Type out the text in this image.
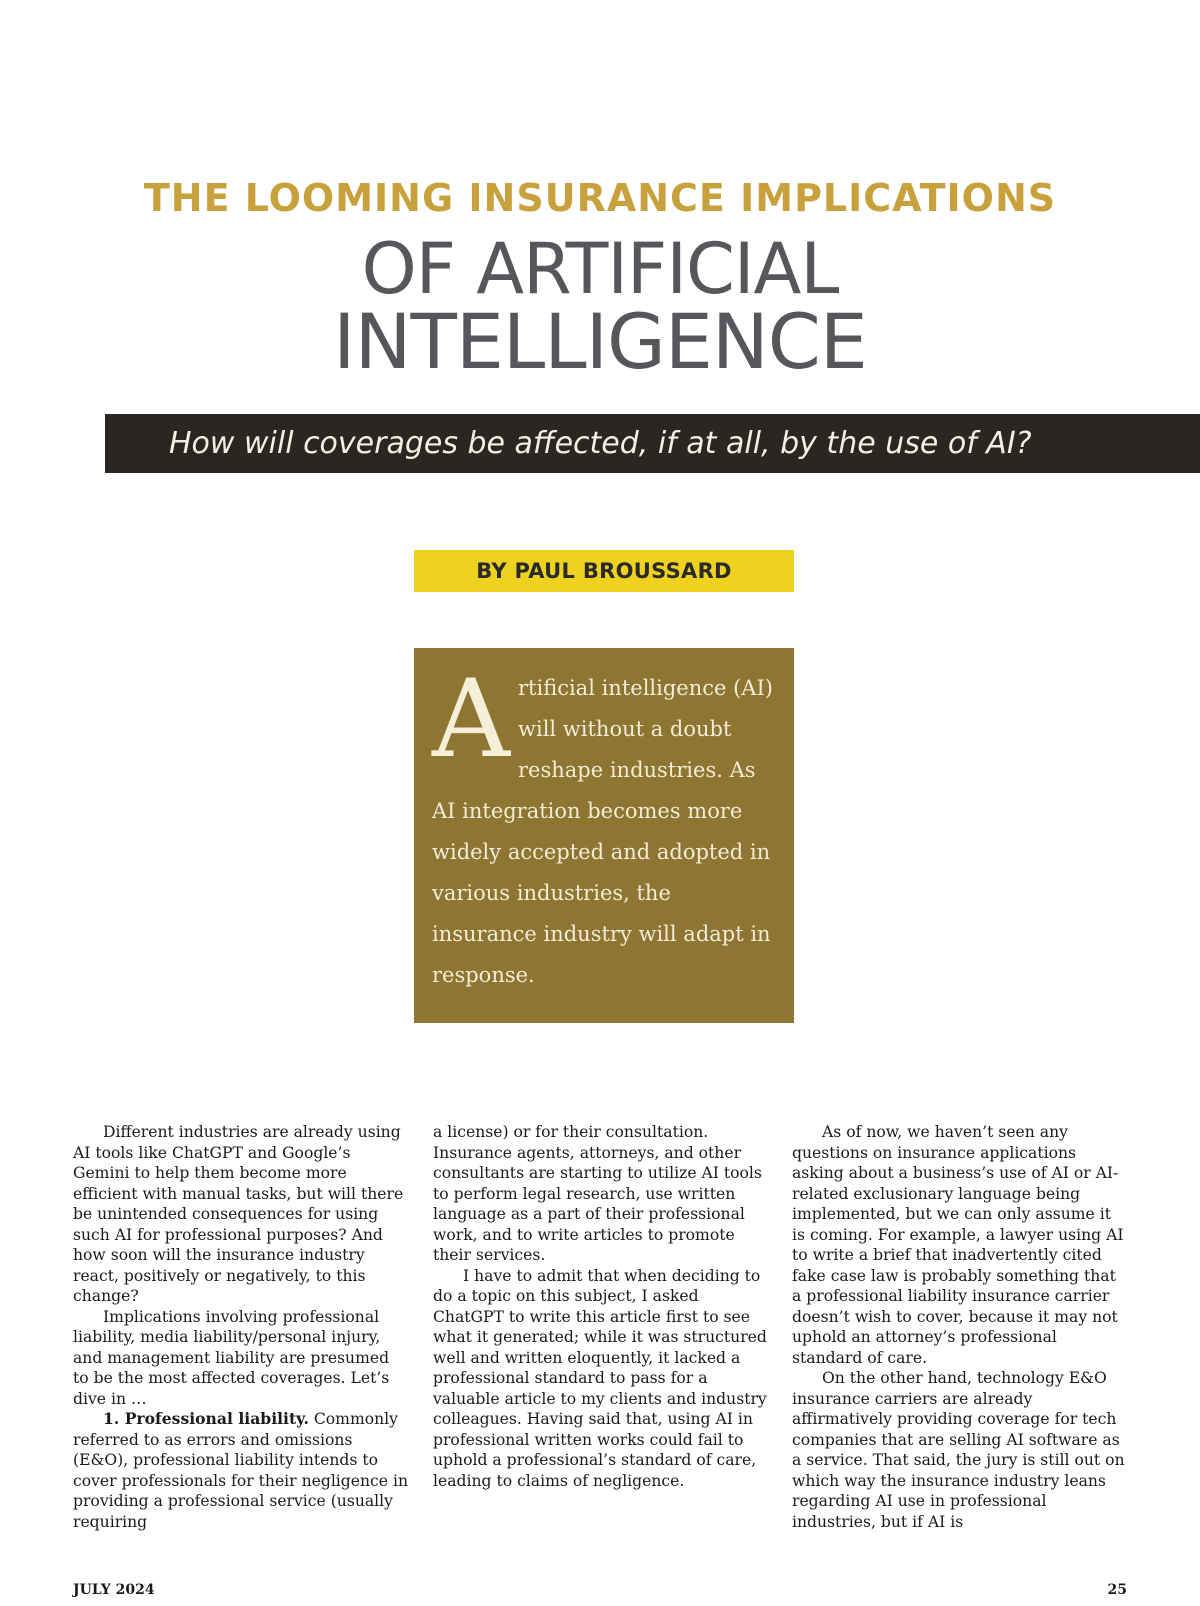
THE LOOMING INSURANCE IMPLICATIONS
OF ARTIFICIAL
INTELLIGENCE
How will coverages be affected, if at all, by the use of AI?
BY PAUL BROUSSARD
A rtificial intelligence (AI) will without a doubt reshape industries. As AI integration becomes more widely accepted and adopted in various industries, the insurance industry will adapt in response.

Different industries are already using AI tools like ChatGPT and Google’s Gemini to help them become more efficient with manual tasks, but will there be unintended consequences for using such AI for professional purposes? And how soon will the insurance industry react, positively or negatively, to this change?

Implications involving professional liability, media liability/personal injury, and management liability are presumed to be the most affected coverages. Let’s dive in …

1. Professional liability. Commonly referred to as errors and omissions (E&O), professional liability intends to cover professionals for their negligence in providing a professional service (usually requiring

a license) or for their consultation. Insurance agents, attorneys, and other consultants are starting to utilize AI tools to perform legal research, use written language as a part of their professional work, and to write articles to promote their services.

I have to admit that when deciding to do a topic on this subject, I asked ChatGPT to write this article first to see what it generated; while it was structured well and written eloquently, it lacked a professional standard to pass for a valuable article to my clients and industry colleagues. Having said that, using AI in professional written works could fail to uphold a professional’s standard of care, leading to claims of negligence.

As of now, we haven’t seen any questions on insurance applications asking about a business’s use of AI or AI-related exclusionary language being implemented, but we can only assume it is coming. For example, a lawyer using AI to write a brief that inadvertently cited fake case law is probably something that a professional liability insurance carrier doesn’t wish to cover, because it may not uphold an attorney’s professional standard of care.

On the other hand, technology E&O insurance carriers are already affirmatively providing coverage for tech companies that are selling AI software as a service. That said, the jury is still out on which way the insurance industry leans regarding AI use in professional industries, but if AI is

JULY 2024	25
